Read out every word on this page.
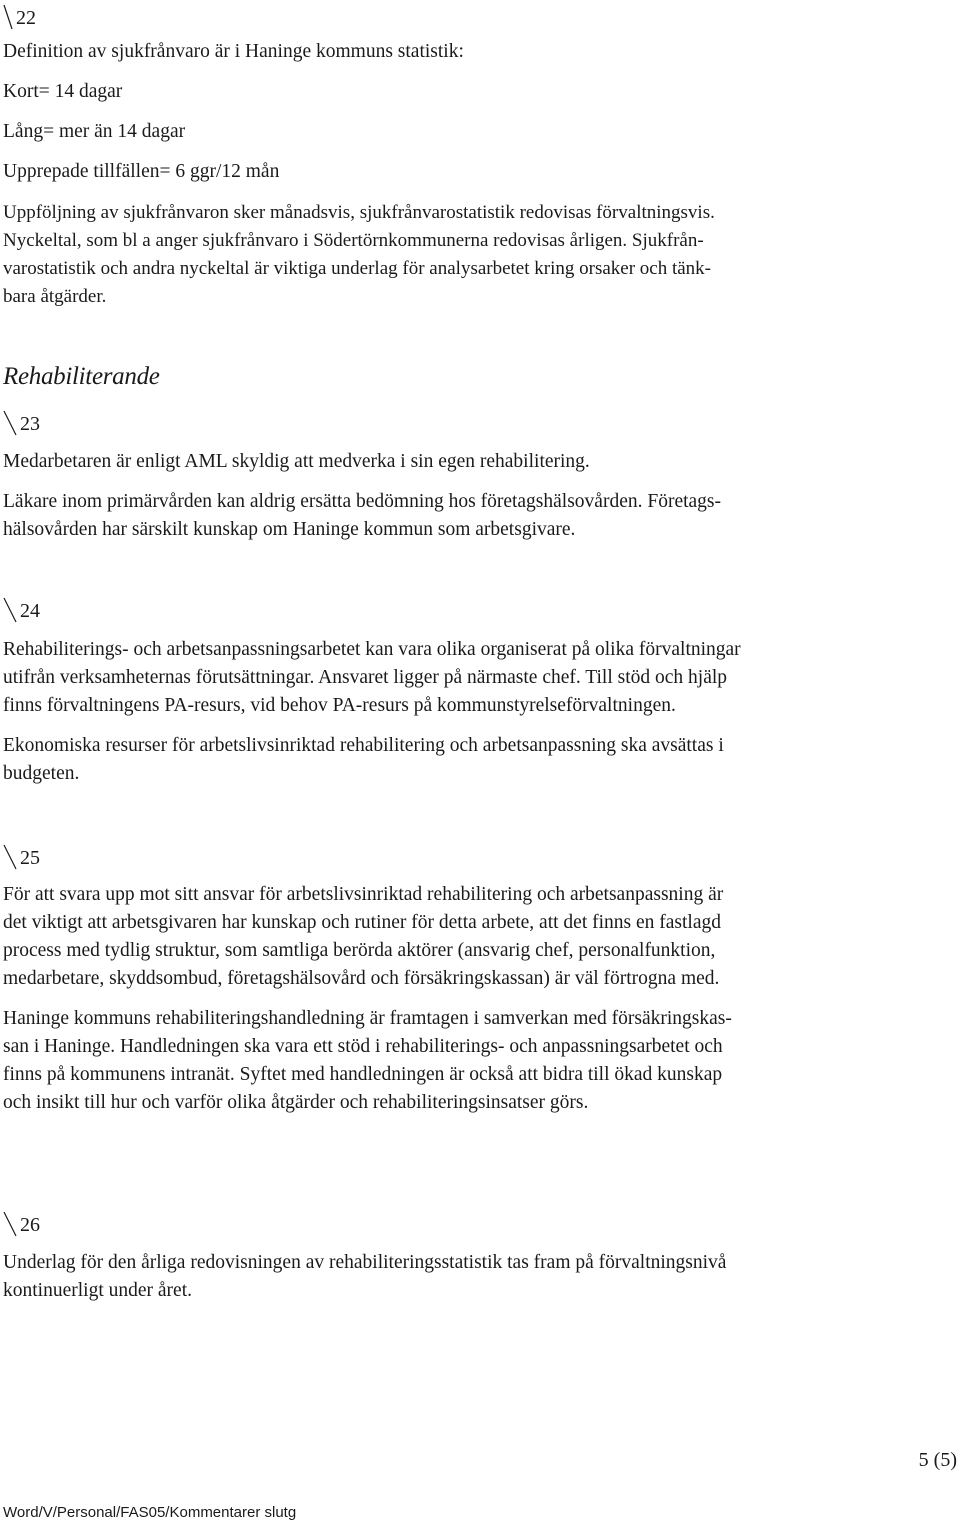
22
Definition av sjukfrånvaro är i Haninge kommuns statistik:
Kort= 14 dagar
Lång= mer än 14 dagar
Upprepade tillfällen= 6 ggr/12 mån
Uppföljning av sjukfrånvaron sker månadsvis, sjukfrånvarostatistik redovisas förvaltningsvis.
Nyckeltal, som bl a anger sjukfrånvaro i Södertörnkommunerna redovisas årligen. Sjukfrån-
varostatistik och andra nyckeltal är viktiga underlag för analysarbetet kring orsaker och tänk-
bara åtgärder.
Rehabiliterande
23
Medarbetaren är enligt AML skyldig att medverka i sin egen rehabilitering.
Läkare inom primärvården kan aldrig ersätta bedömning hos företagshälsovården. Företags-
hälsovården har särskilt kunskap om Haninge kommun som arbetsgivare.
24
Rehabiliterings- och arbetsanpassningsarbetet kan vara olika organiserat på olika förvaltningar
utifrån verksamheternas förutsättningar. Ansvaret ligger på närmaste chef. Till stöd och hjälp
finns förvaltningens PA-resurs, vid behov PA-resurs på kommunstyrelseförvaltningen.
Ekonomiska resurser för arbetslivsinriktad rehabilitering och arbetsanpassning ska avsättas i
budgeten.
25
För att svara upp mot sitt ansvar för arbetslivsinriktad rehabilitering och arbetsanpassning är
det viktigt att arbetsgivaren har kunskap och rutiner för detta arbete, att det finns en fastlagd
process med tydlig struktur, som samtliga berörda aktörer (ansvarig chef, personalfunktion,
medarbetare, skyddsombud, företagshälsovård och försäkringskassan) är väl förtrogna med.
Haninge kommuns rehabiliteringshandledning är framtagen i samverkan med försäkringskas-
san i Haninge. Handledningen ska vara ett stöd i rehabiliterings- och anpassningsarbetet och
finns på kommunens intranät. Syftet med handledningen är också att bidra till ökad kunskap
och insikt till hur och varför olika åtgärder och rehabiliteringsinsatser görs.
26
Underlag för den årliga redovisningen av rehabiliteringsstatistik tas fram på förvaltningsnivå
kontinuerligt under året.
5 (5)
Word/V/Personal/FAS05/Kommentarer slutg
